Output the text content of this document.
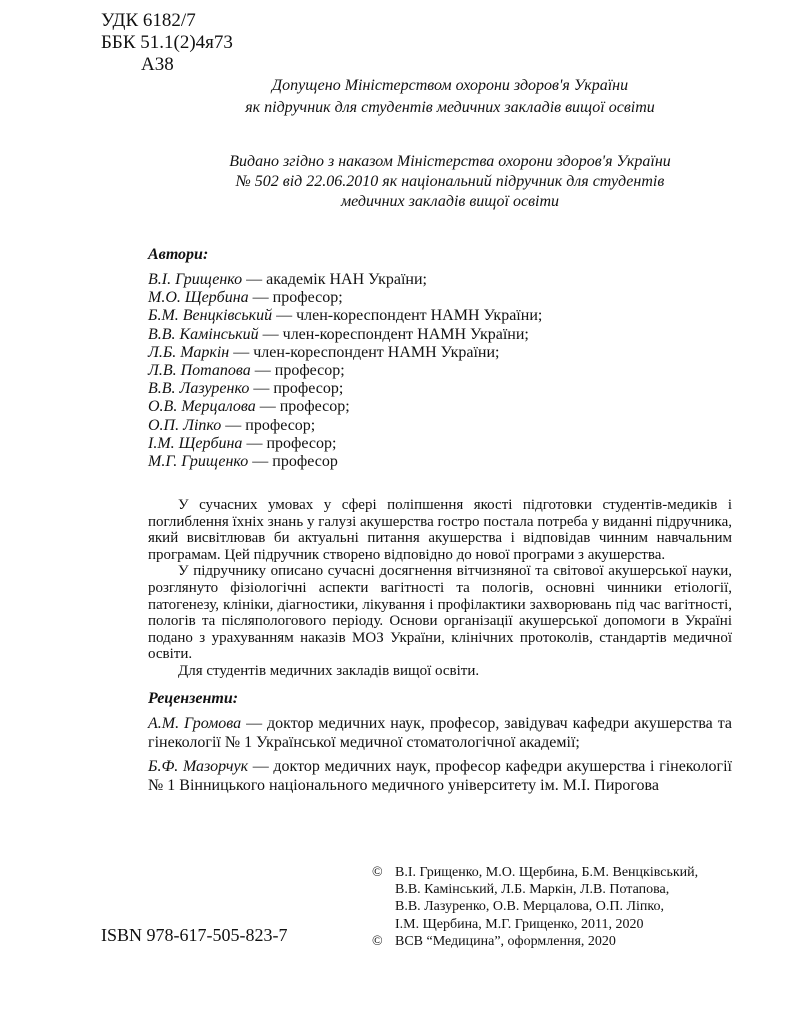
УДК 6182/7
ББК 51.1(2)4я73
А38
Допущено Міністерством охорони здоров'я України
як підручник для студентів медичних закладів вищої освіти
Видано згідно з наказом Міністерства охорони здоров'я України
№ 502 від 22.06.2010 як національний підручник для студентів
медичних закладів вищої освіти
Автори:
В.І. Грищенко — академік НАН України;
М.О. Щербина — професор;
Б.М. Венцківський — член-кореспондент НАМН України;
В.В. Камінський — член-кореспондент НАМН України;
Л.Б. Маркін — член-кореспондент НАМН України;
Л.В. Потапова — професор;
В.В. Лазуренко — професор;
О.В. Мерцалова — професор;
О.П. Ліпко — професор;
І.М. Щербина — професор;
М.Г. Грищенко — професор

У сучасних умовах у сфері поліпшення якості підготовки студентів-медиків і поглиблення їхніх знань у галузі акушерства гостро постала потреба у виданні підручника, який висвітлював би актуальні питання акушерства і відповідав чинним навчальним програмам. Цей підручник створено відповідно до нової програми з акушерства.

У підручнику описано сучасні досягнення вітчизняної та світової акушерської науки, розглянуто фізіологічні аспекти вагітності та пологів, основні чинники етіології, патогенезу, клініки, діагностики, лікування і профілактики захворювань під час вагітності, пологів та післяпологового періоду. Основи організації акушерської допомоги в Україні подано з урахуванням наказів МОЗ України, клінічних протоколів, стандартів медичної освіти.

Для студентів медичних закладів вищої освіти.

Рецензенти:
А.М. Громова — доктор медичних наук, професор, завідувач кафедри акушерства та гінекології № 1 Української медичної стоматологічної академії;
Б.Ф. Мазорчук — доктор медичних наук, професор кафедри акушерства і гінекології № 1 Вінницького національного медичного університету ім. М.І. Пирогова
© В.І. Грищенко, М.О. Щербина, Б.М. Венцківський,
В.В. Камінський, Л.Б. Маркін, Л.В. Потапова,
В.В. Лазуренко, О.В. Мерцалова, О.П. Ліпко,
І.М. Щербина, М.Г. Грищенко, 2011, 2020
© ВСВ “Медицина”, оформлення, 2020
ISBN 978-617-505-823-7
